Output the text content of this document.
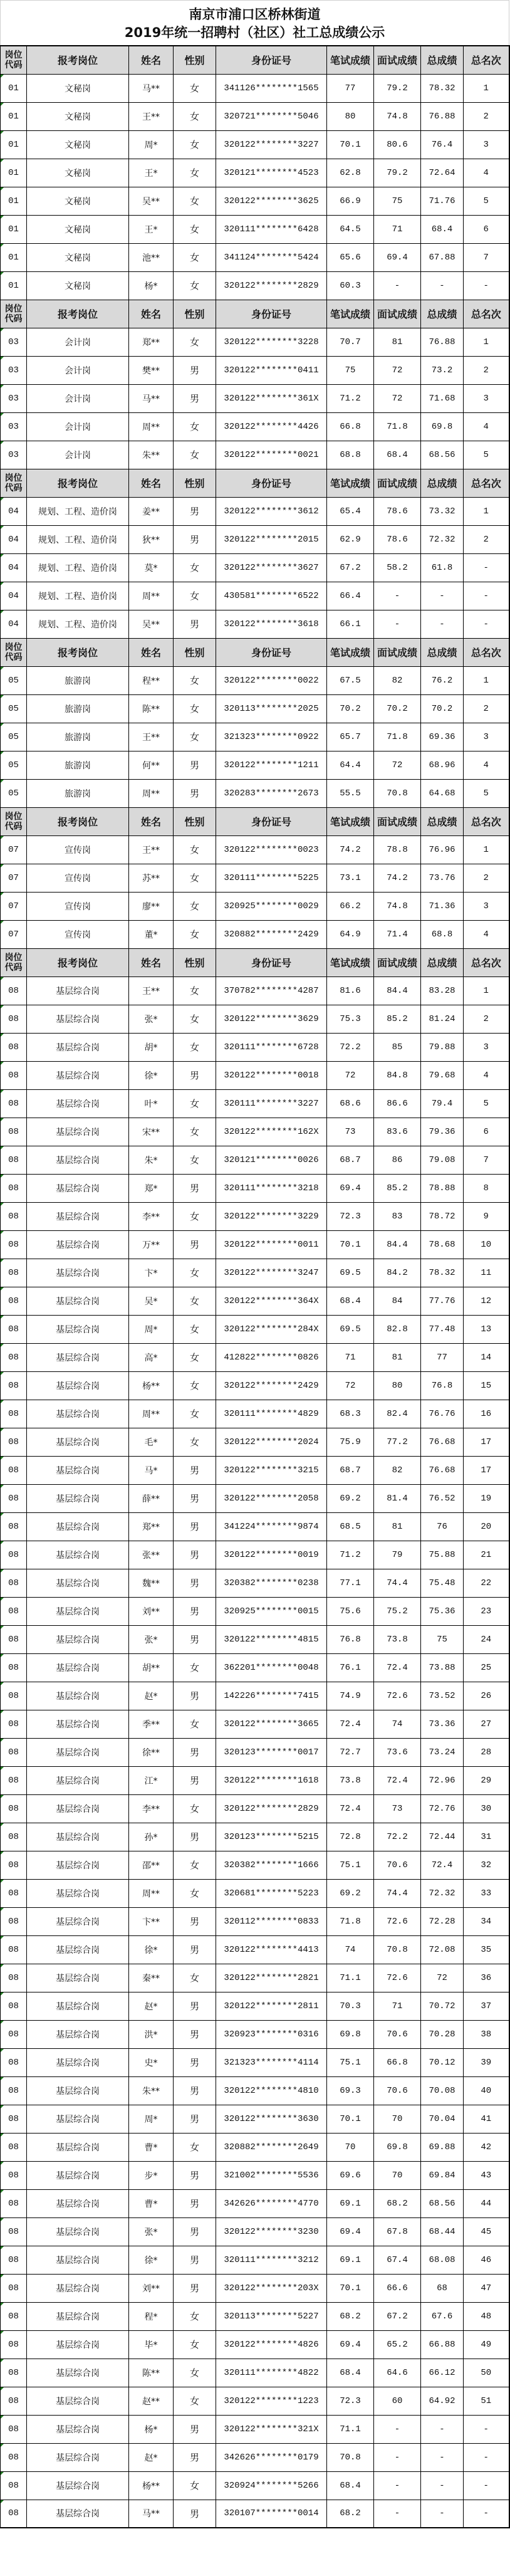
南京市浦口区桥林街道
2019年统一招聘村（社区）社工总成绩公示
岗位代码	报考岗位	姓名	性别	身份证号	笔试成绩	面试成绩	总成绩	总名次
01	文秘岗	马**	女	341126********1565	77	79.2	78.32	1
01	文秘岗	王**	女	320721********5046	80	74.8	76.88	2
01	文秘岗	周*	女	320122********3227	70.1	80.6	76.4	3
01	文秘岗	王*	女	320121********4523	62.8	79.2	72.64	4
01	文秘岗	吴**	女	320122********3625	66.9	75	71.76	5
01	文秘岗	王*	女	320111********6428	64.5	71	68.4	6
01	文秘岗	池**	女	341124********5424	65.6	69.4	67.88	7
01	文秘岗	杨*	女	320122********2829	60.3	-	-	-
岗位代码	报考岗位	姓名	性别	身份证号	笔试成绩	面试成绩	总成绩	总名次
03	会计岗	郑**	女	320122********3228	70.7	81	76.88	1
03	会计岗	樊**	男	320122********0411	75	72	73.2	2
03	会计岗	马**	男	320122********361X	71.2	72	71.68	3
03	会计岗	周**	女	320122********4426	66.8	71.8	69.8	4
03	会计岗	朱**	女	320122********0021	68.8	68.4	68.56	5
岗位代码	报考岗位	姓名	性别	身份证号	笔试成绩	面试成绩	总成绩	总名次
04	规划、工程、造价岗	姜**	男	320122********3612	65.4	78.6	73.32	1
04	规划、工程、造价岗	狄**	男	320122********2015	62.9	78.6	72.32	2
04	规划、工程、造价岗	莫*	女	320122********3627	67.2	58.2	61.8	-
04	规划、工程、造价岗	周**	女	430581********6522	66.4	-	-	-
04	规划、工程、造价岗	吴**	男	320122********3618	66.1	-	-	-
岗位代码	报考岗位	姓名	性别	身份证号	笔试成绩	面试成绩	总成绩	总名次
05	旅游岗	程**	女	320122********0022	67.5	82	76.2	1
05	旅游岗	陈**	女	320113********2025	70.2	70.2	70.2	2
05	旅游岗	王**	女	321323********0922	65.7	71.8	69.36	3
05	旅游岗	何**	男	320122********1211	64.4	72	68.96	4
05	旅游岗	周**	男	320283********2673	55.5	70.8	64.68	5
岗位代码	报考岗位	姓名	性别	身份证号	笔试成绩	面试成绩	总成绩	总名次
07	宣传岗	王**	女	320122********0023	74.2	78.8	76.96	1
07	宣传岗	苏**	女	320111********5225	73.1	74.2	73.76	2
07	宣传岗	廖**	女	320925********0029	66.2	74.8	71.36	3
07	宣传岗	董*	女	320882********2429	64.9	71.4	68.8	4
岗位代码	报考岗位	姓名	性别	身份证号	笔试成绩	面试成绩	总成绩	总名次
08	基层综合岗	王**	女	370782********4287	81.6	84.4	83.28	1
08	基层综合岗	张*	女	320122********3629	75.3	85.2	81.24	2
08	基层综合岗	胡*	女	320111********6728	72.2	85	79.88	3
08	基层综合岗	徐*	男	320122********0018	72	84.8	79.68	4
08	基层综合岗	叶*	女	320111********3227	68.6	86.6	79.4	5
08	基层综合岗	宋**	女	320122********162X	73	83.6	79.36	6
08	基层综合岗	朱*	女	320121********0026	68.7	86	79.08	7
08	基层综合岗	郑*	男	320111********3218	69.4	85.2	78.88	8
08	基层综合岗	李**	女	320122********3229	72.3	83	78.72	9
08	基层综合岗	万**	男	320122********0011	70.1	84.4	78.68	10
08	基层综合岗	卞*	女	320122********3247	69.5	84.2	78.32	11
08	基层综合岗	吴*	女	320122********364X	68.4	84	77.76	12
08	基层综合岗	周*	女	320122********284X	69.5	82.8	77.48	13
08	基层综合岗	高*	女	412822********0826	71	81	77	14
08	基层综合岗	杨**	女	320122********2429	72	80	76.8	15
08	基层综合岗	周**	女	320111********4829	68.3	82.4	76.76	16
08	基层综合岗	毛*	女	320122********2024	75.9	77.2	76.68	17
08	基层综合岗	马*	男	320122********3215	68.7	82	76.68	17
08	基层综合岗	薛**	男	320122********2058	69.2	81.4	76.52	19
08	基层综合岗	郑**	男	341224********9874	68.5	81	76	20
08	基层综合岗	张**	男	320122********0019	71.2	79	75.88	21
08	基层综合岗	魏**	男	320382********0238	77.1	74.4	75.48	22
08	基层综合岗	刘**	男	320925********0015	75.6	75.2	75.36	23
08	基层综合岗	张*	男	320122********4815	76.8	73.8	75	24
08	基层综合岗	胡**	女	362201********0048	76.1	72.4	73.88	25
08	基层综合岗	赵*	男	142226********7415	74.9	72.6	73.52	26
08	基层综合岗	季**	女	320122********3665	72.4	74	73.36	27
08	基层综合岗	徐**	男	320123********0017	72.7	73.6	73.24	28
08	基层综合岗	江*	男	320122********1618	73.8	72.4	72.96	29
08	基层综合岗	李**	女	320122********2829	72.4	73	72.76	30
08	基层综合岗	孙*	男	320123********5215	72.8	72.2	72.44	31
08	基层综合岗	邵**	女	320382********1666	75.1	70.6	72.4	32
08	基层综合岗	周**	女	320681********5223	69.2	74.4	72.32	33
08	基层综合岗	卞**	男	320112********0833	71.8	72.6	72.28	34
08	基层综合岗	徐*	男	320122********4413	74	70.8	72.08	35
08	基层综合岗	秦**	女	320122********2821	71.1	72.6	72	36
08	基层综合岗	赵*	男	320122********2811	70.3	71	70.72	37
08	基层综合岗	洪*	男	320923********0316	69.8	70.6	70.28	38
08	基层综合岗	史*	男	321323********4114	75.1	66.8	70.12	39
08	基层综合岗	朱**	男	320122********4810	69.3	70.6	70.08	40
08	基层综合岗	周*	男	320122********3630	70.1	70	70.04	41
08	基层综合岗	曹*	女	320882********2649	70	69.8	69.88	42
08	基层综合岗	步*	男	321002********5536	69.6	70	69.84	43
08	基层综合岗	曹*	男	342626********4770	69.1	68.2	68.56	44
08	基层综合岗	张*	男	320122********3230	69.4	67.8	68.44	45
08	基层综合岗	徐*	男	320111********3212	69.1	67.4	68.08	46
08	基层综合岗	刘**	男	320122********203X	70.1	66.6	68	47
08	基层综合岗	程*	女	320113********5227	68.2	67.2	67.6	48
08	基层综合岗	毕*	女	320122********4826	69.4	65.2	66.88	49
08	基层综合岗	陈**	女	320111********4822	68.4	64.6	66.12	50
08	基层综合岗	赵**	女	320122********1223	72.3	60	64.92	51
08	基层综合岗	杨*	男	320122********321X	71.1	-	-	-
08	基层综合岗	赵*	男	342626********0179	70.8	-	-	-
08	基层综合岗	杨**	女	320924********5266	68.4	-	-	-
08	基层综合岗	马**	男	320107********0014	68.2	-	-	-
